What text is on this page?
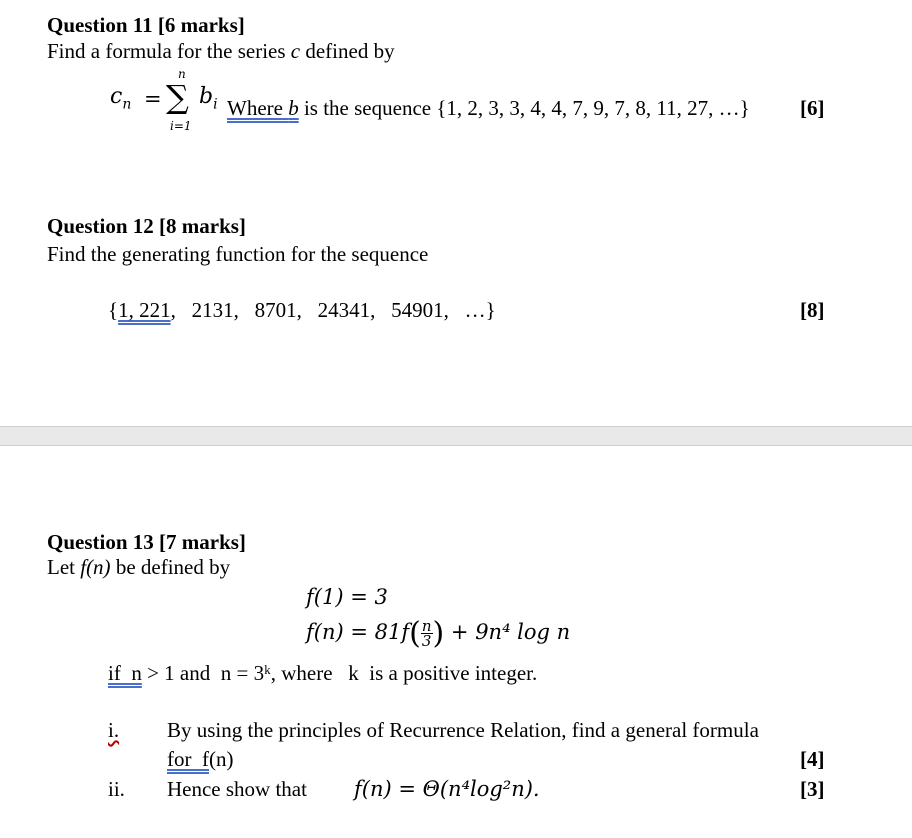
Question 11 [6 marks]
Find a formula for the series c defined by
$c_n$ =
n
∑
i=1
$b_i$ Where b is the sequence {1, 2, 3, 3, 4, 4, 7, 9, 7, 8, 11, 27, …} [6]
Question 12 [8 marks]
Find the generating function for the sequence
{1, 221,   2131,   8701,   24341,   54901,   …}	[8]
Question 13 [7 marks]
Let f(n) be defined by
f(1) = 3
$f(n) = 81f( \frac{n}{3}$ ) + 9n⁴ log n
if  n > 1 and  n = 3ᵏ, where   k  is a positive integer.
i. By using the principles of Recurrence Relation, find a general formula
for  f(n)	[4]
ii. Hence show that f(n) = Θ(n⁴log²n).	[3]
